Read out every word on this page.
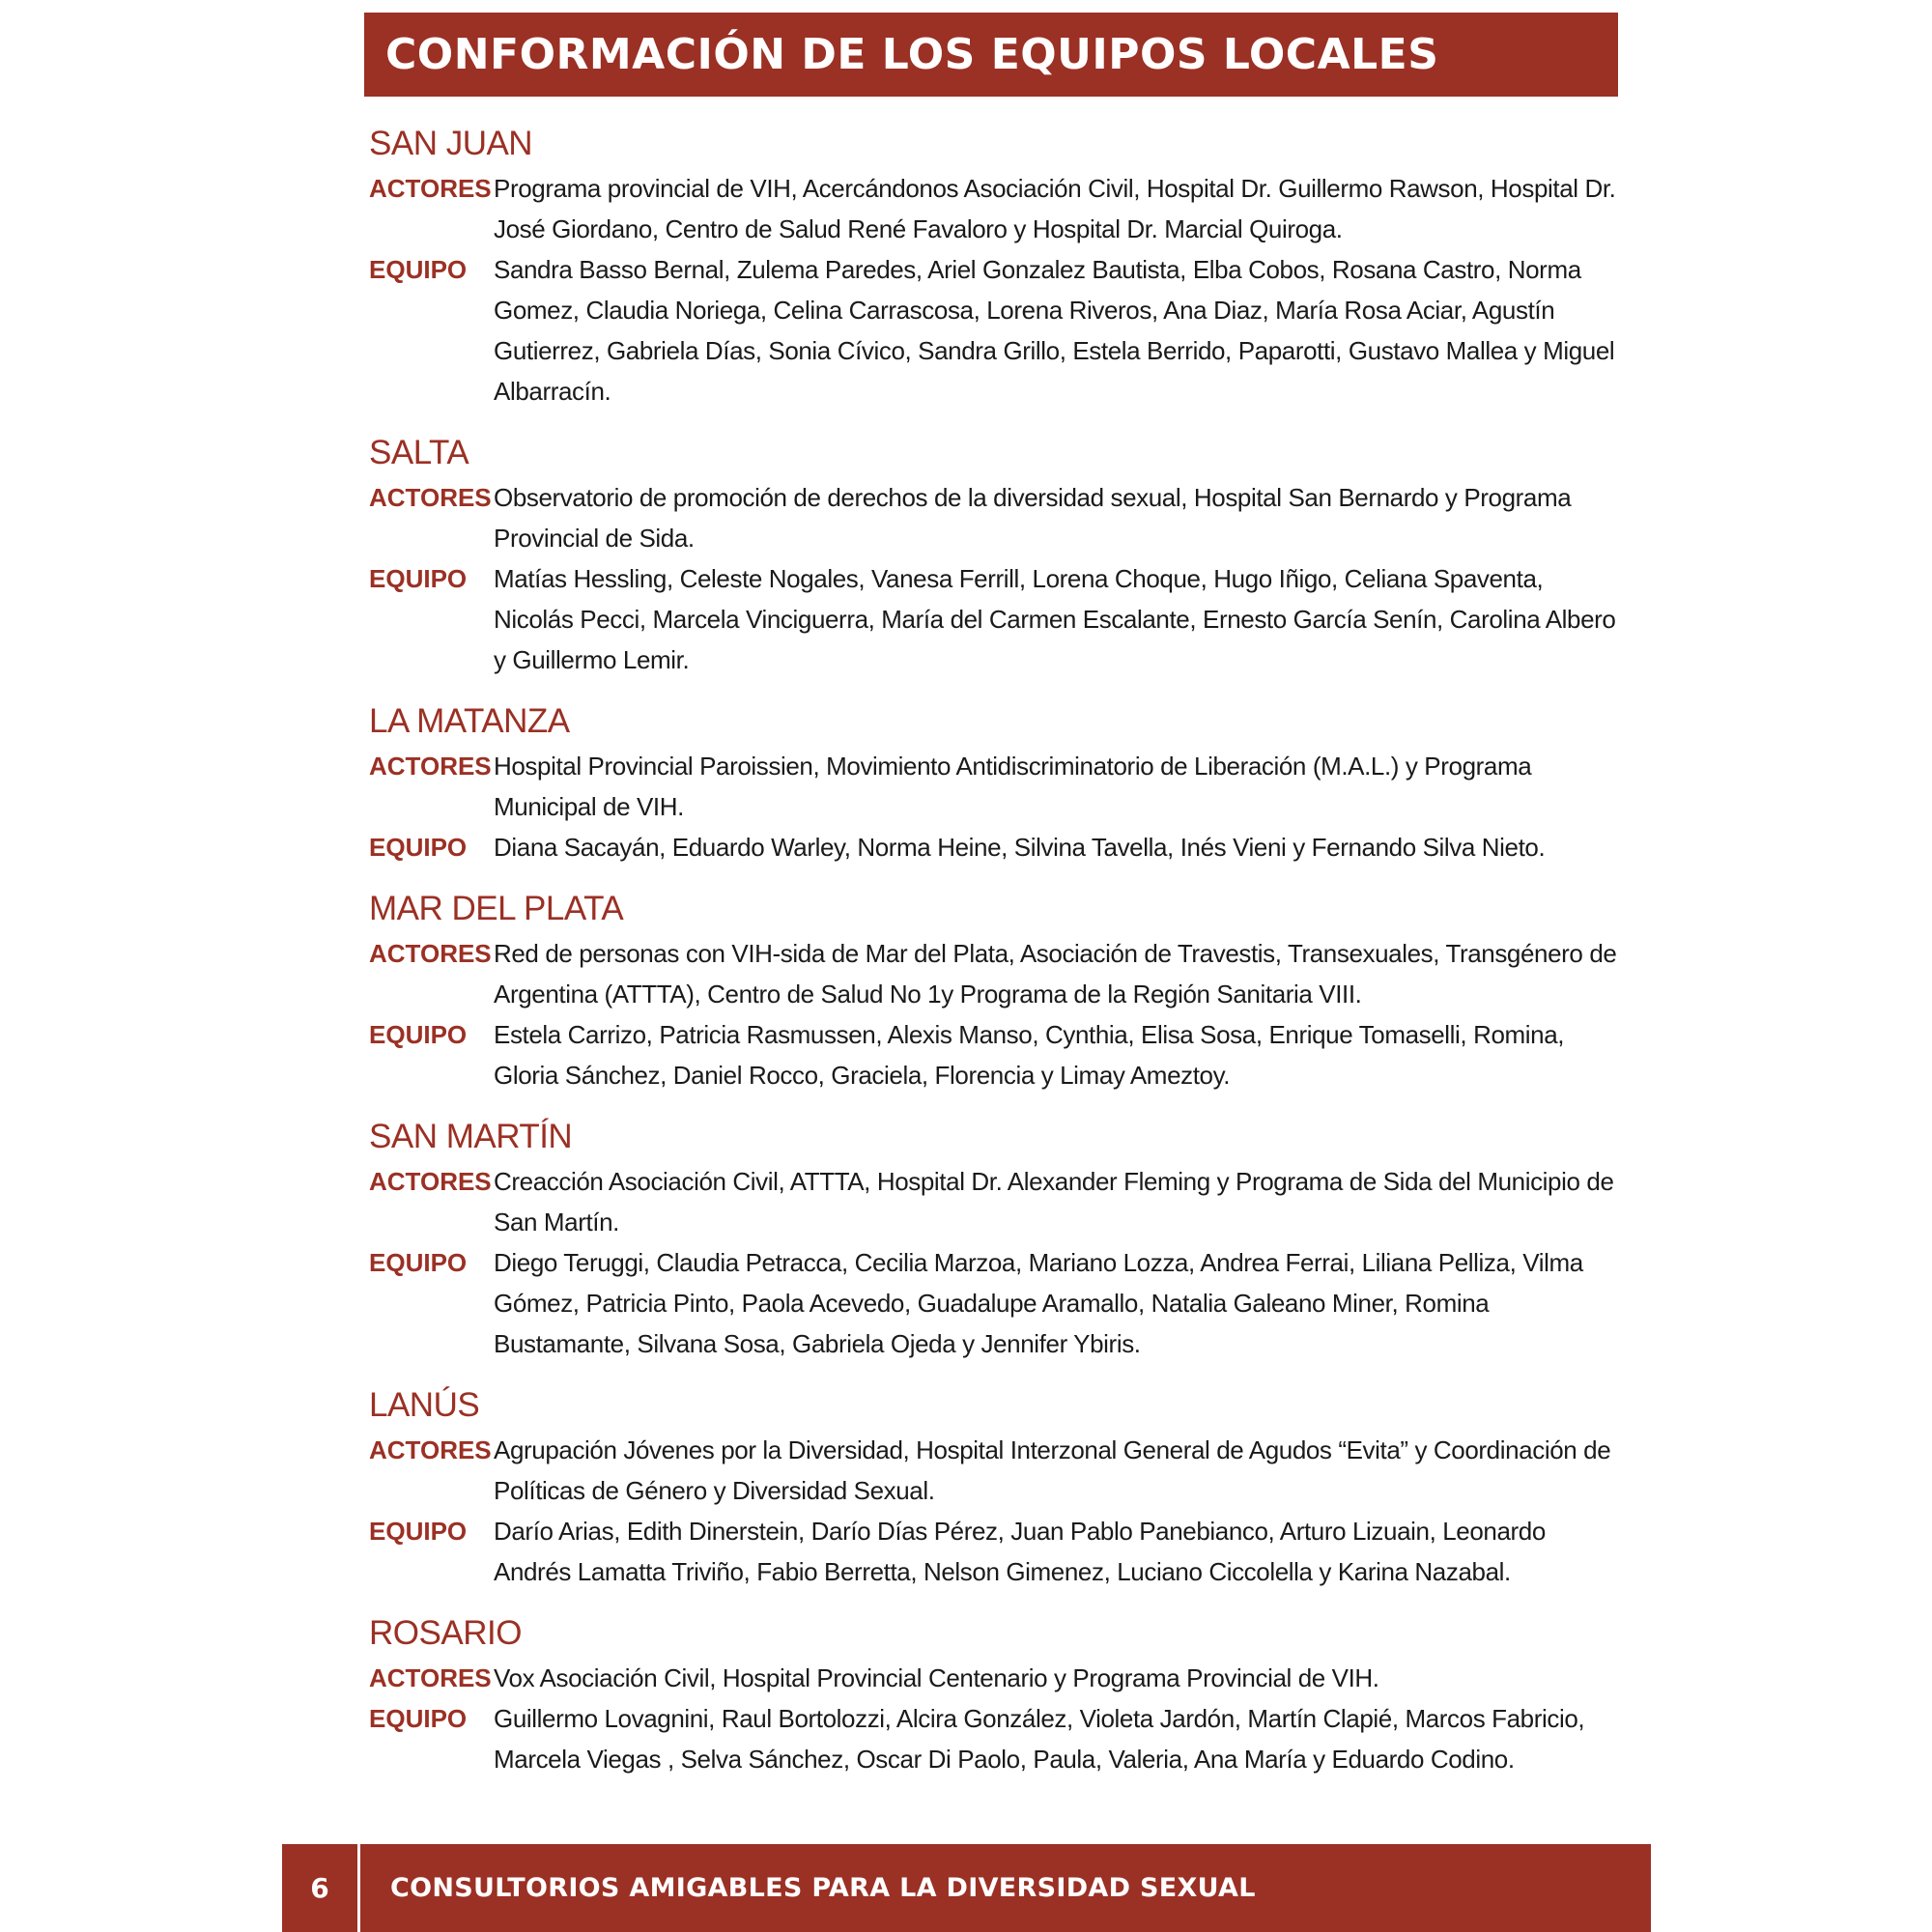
CONFORMACIÓN DE LOS EQUIPOS LOCALES
SAN JUAN
ACTORES Programa provincial de VIH, Acercándonos Asociación Civil, Hospital Dr. Guillermo Rawson, Hospital Dr. José Giordano, Centro de Salud René Favaloro y Hospital Dr. Marcial Quiroga.
EQUIPO	Sandra Basso Bernal, Zulema Paredes, Ariel Gonzalez Bautista, Elba Cobos, Rosana Castro, Norma Gomez, Claudia Noriega, Celina Carrascosa, Lorena Riveros, Ana Diaz, María Rosa Aciar, Agustín Gutierrez, Gabriela Días, Sonia Cívico, Sandra Grillo, Estela Berrido, Paparotti, Gustavo Mallea y Miguel Albarracín.
SALTA
ACTORES Observatorio de promoción de derechos de la diversidad sexual, Hospital San Bernardo y Programa Provincial de Sida.
EQUIPO	Matías Hessling, Celeste Nogales, Vanesa Ferrill, Lorena Choque, Hugo Iñigo, Celiana Spaventa, Nicolás Pecci, Marcela Vinciguerra, María del Carmen Escalante, Ernesto García Senín, Carolina Albero y Guillermo Lemir.
LA MATANZA
ACTORES Hospital Provincial Paroissien, Movimiento Antidiscriminatorio de Liberación (M.A.L.) y Programa Municipal de VIH.
EQUIPO	Diana Sacayán, Eduardo Warley, Norma Heine, Silvina Tavella, Inés Vieni y Fernando Silva Nieto.
MAR DEL PLATA
ACTORES Red de personas con VIH-sida de Mar del Plata, Asociación de Travestis, Transexuales, Transgénero de Argentina (ATTTA), Centro de Salud No 1y Programa de la Región Sanitaria VIII.
EQUIPO	Estela Carrizo, Patricia Rasmussen, Alexis Manso, Cynthia, Elisa Sosa, Enrique Tomaselli, Romina, Gloria Sánchez, Daniel Rocco, Graciela, Florencia y Limay Ameztoy.
SAN MARTÍN
ACTORES Creacción Asociación Civil, ATTTA, Hospital Dr. Alexander Fleming y Programa de Sida del Municipio de San Martín.
EQUIPO	Diego Teruggi, Claudia Petracca, Cecilia Marzoa, Mariano Lozza, Andrea Ferrai, Liliana Pelliza, Vilma Gómez, Patricia Pinto, Paola Acevedo, Guadalupe Aramallo, Natalia Galeano Miner, Romina Bustamante, Silvana Sosa, Gabriela Ojeda y Jennifer Ybiris.
LANÚS
ACTORES Agrupación Jóvenes por la Diversidad, Hospital Interzonal General de Agudos “Evita” y Coordinación de Políticas de Género y Diversidad Sexual.
EQUIPO	Darío Arias, Edith Dinerstein, Darío Días Pérez, Juan Pablo Panebianco, Arturo Lizuain, Leonardo Andrés Lamatta Triviño, Fabio Berretta, Nelson Gimenez, Luciano Ciccolella y Karina Nazabal.
ROSARIO
ACTORES Vox Asociación Civil, Hospital Provincial Centenario y Programa Provincial de VIH.
EQUIPO	Guillermo Lovagnini, Raul Bortolozzi, Alcira González, Violeta Jardón, Martín Clapié, Marcos Fabricio, Marcela Viegas , Selva Sánchez, Oscar Di Paolo, Paula, Valeria, Ana María y Eduardo Codino.
6	CONSULTORIOS AMIGABLES PARA LA DIVERSIDAD SEXUAL
